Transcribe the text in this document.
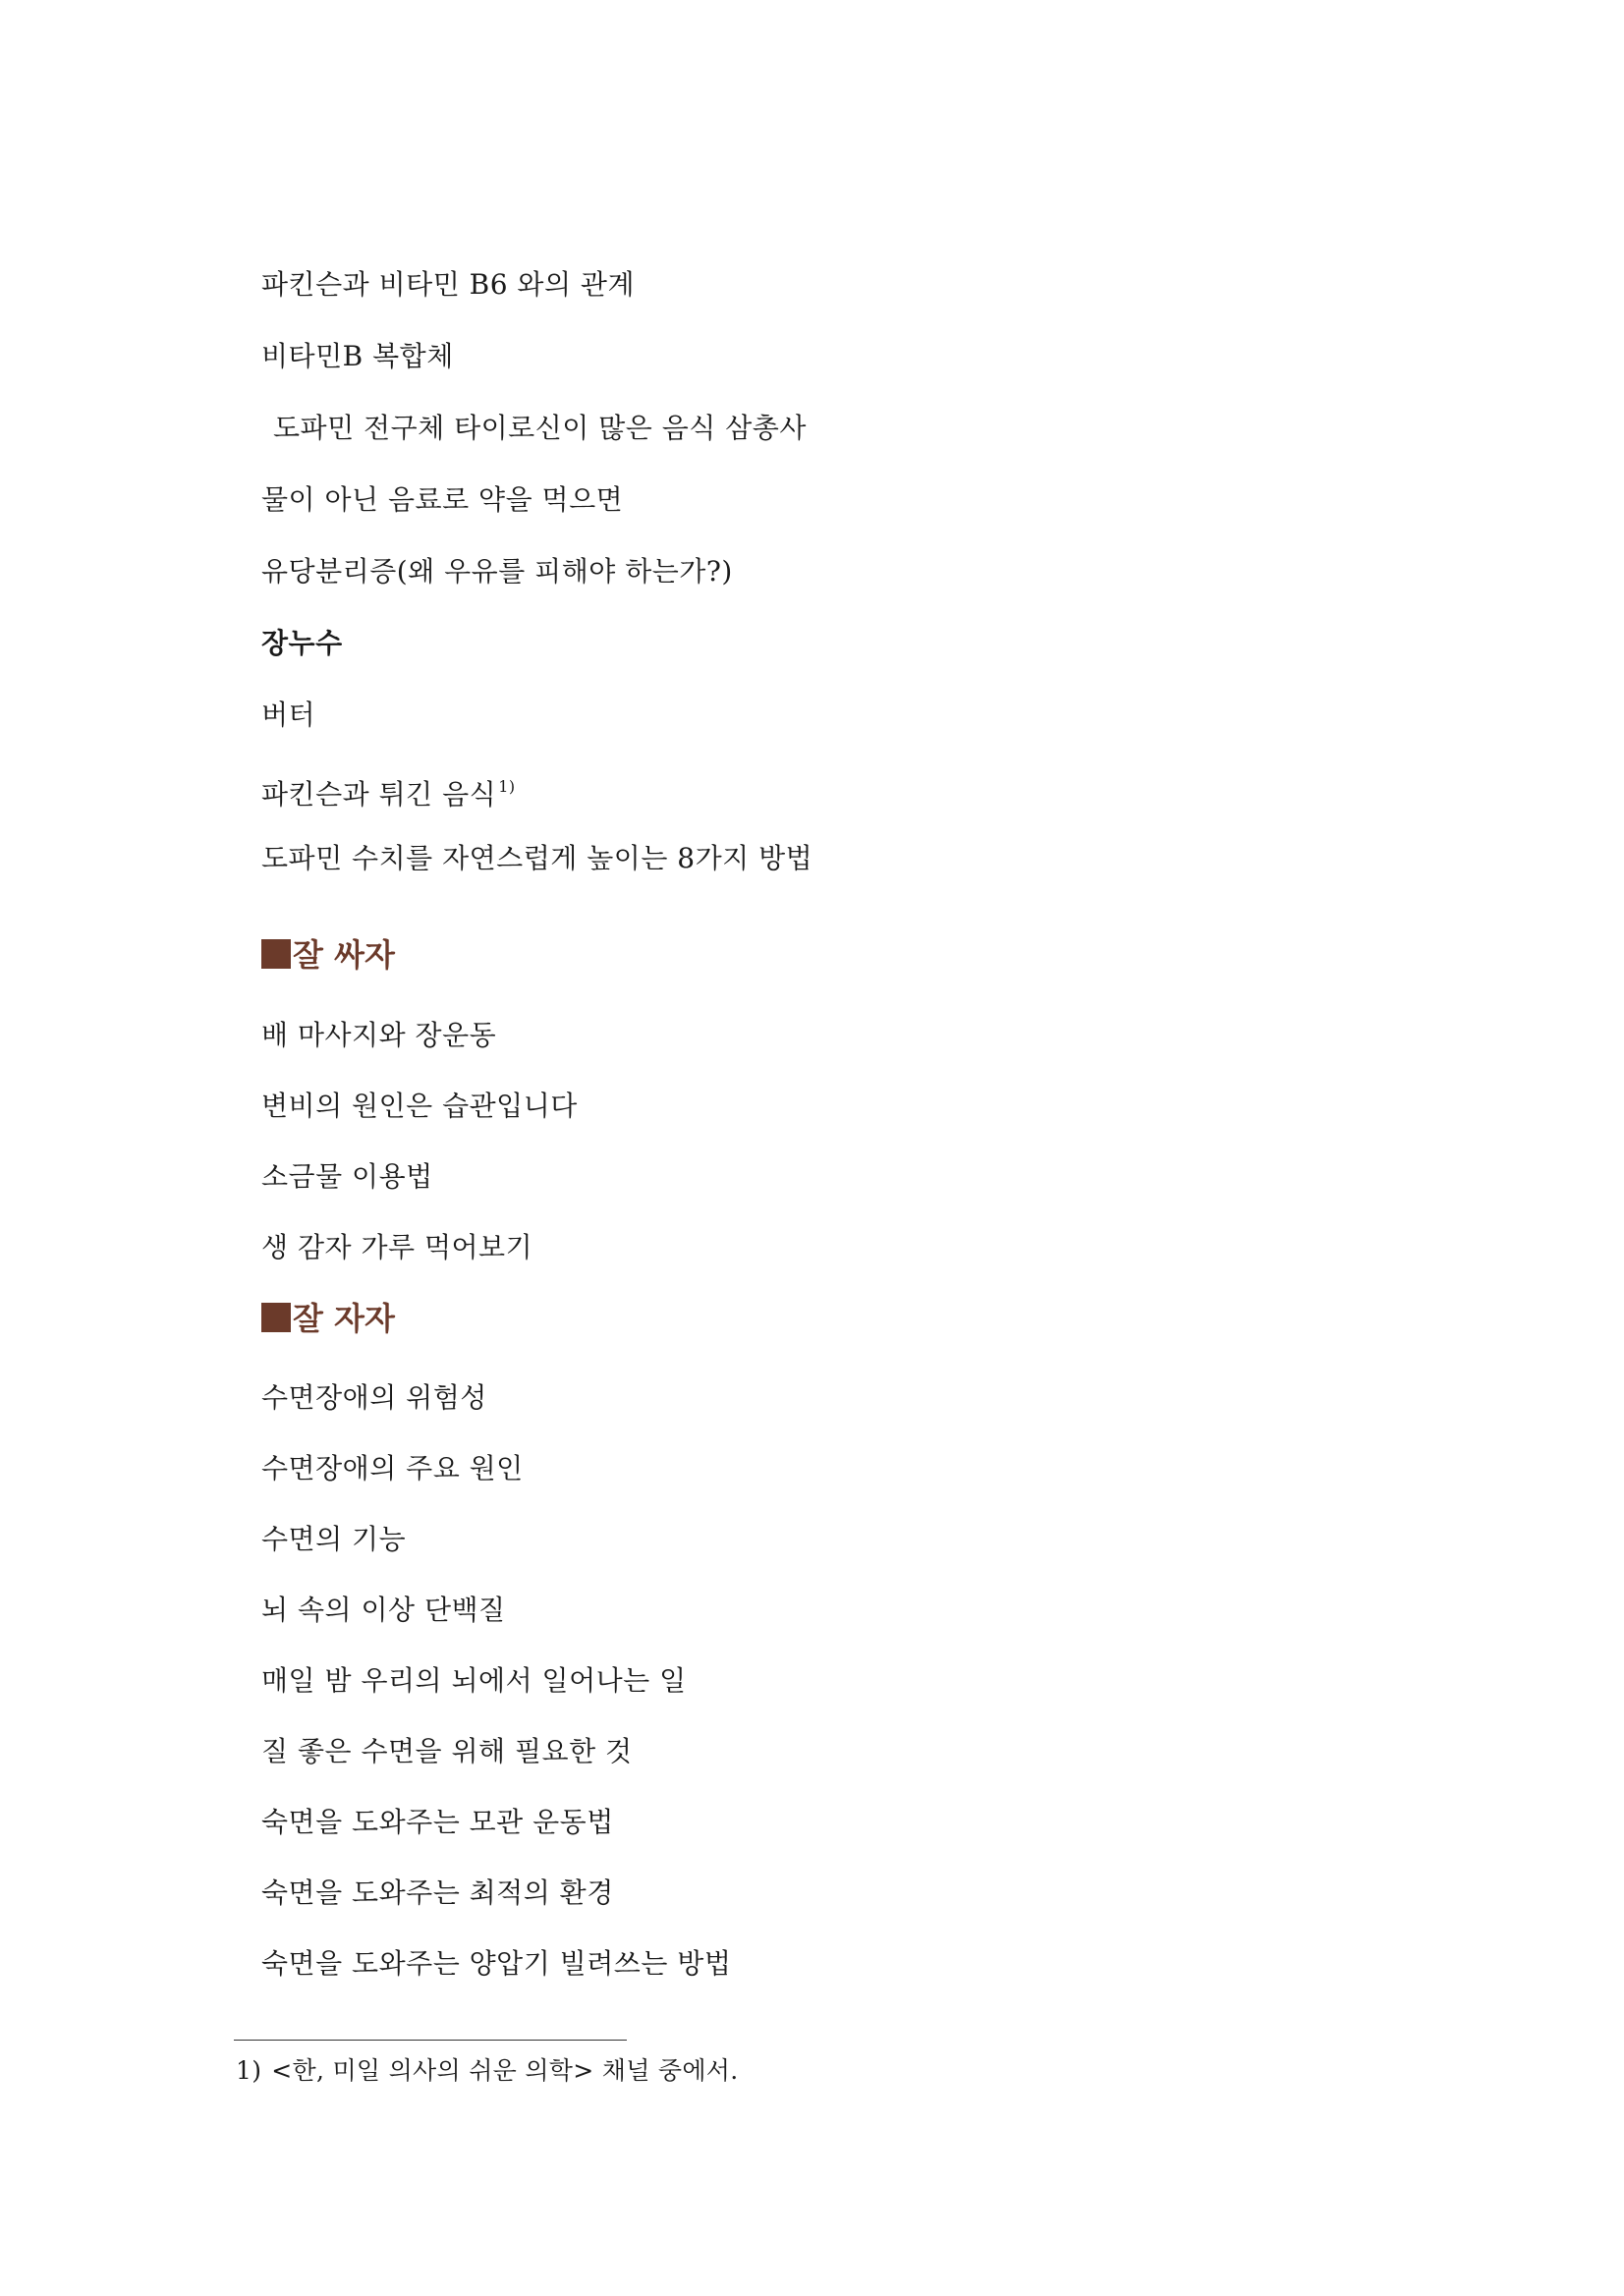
파킨슨과 비타민 B6 와의 관계
비타민B 복합체
도파민 전구체 타이로신이 많은 음식 삼총사
물이 아닌 음료로 약을 먹으면
유당분리증(왜 우유를 피해야 하는가?)
장누수
버터
파킨슨과 튀긴 음식 $^{1)}$
도파민 수치를 자연스럽게 높이는 8가지 방법
잘 싸자
배 마사지와 장운동
변비의 원인은 습관입니다
소금물 이용법
생 감자 가루 먹어보기
잘 자자
수면장애의 위험성
수면장애의 주요 원인
수면의 기능
뇌 속의 이상 단백질
매일 밤 우리의 뇌에서 일어나는 일
질 좋은 수면을 위해 필요한 것
숙면을 도와주는 모관 운동법
숙면을 도와주는 최적의 환경
숙면을 도와주는 양압기 빌려쓰는 방법
1) <한, 미일 의사의 쉬운 의학> 채널 중에서.
